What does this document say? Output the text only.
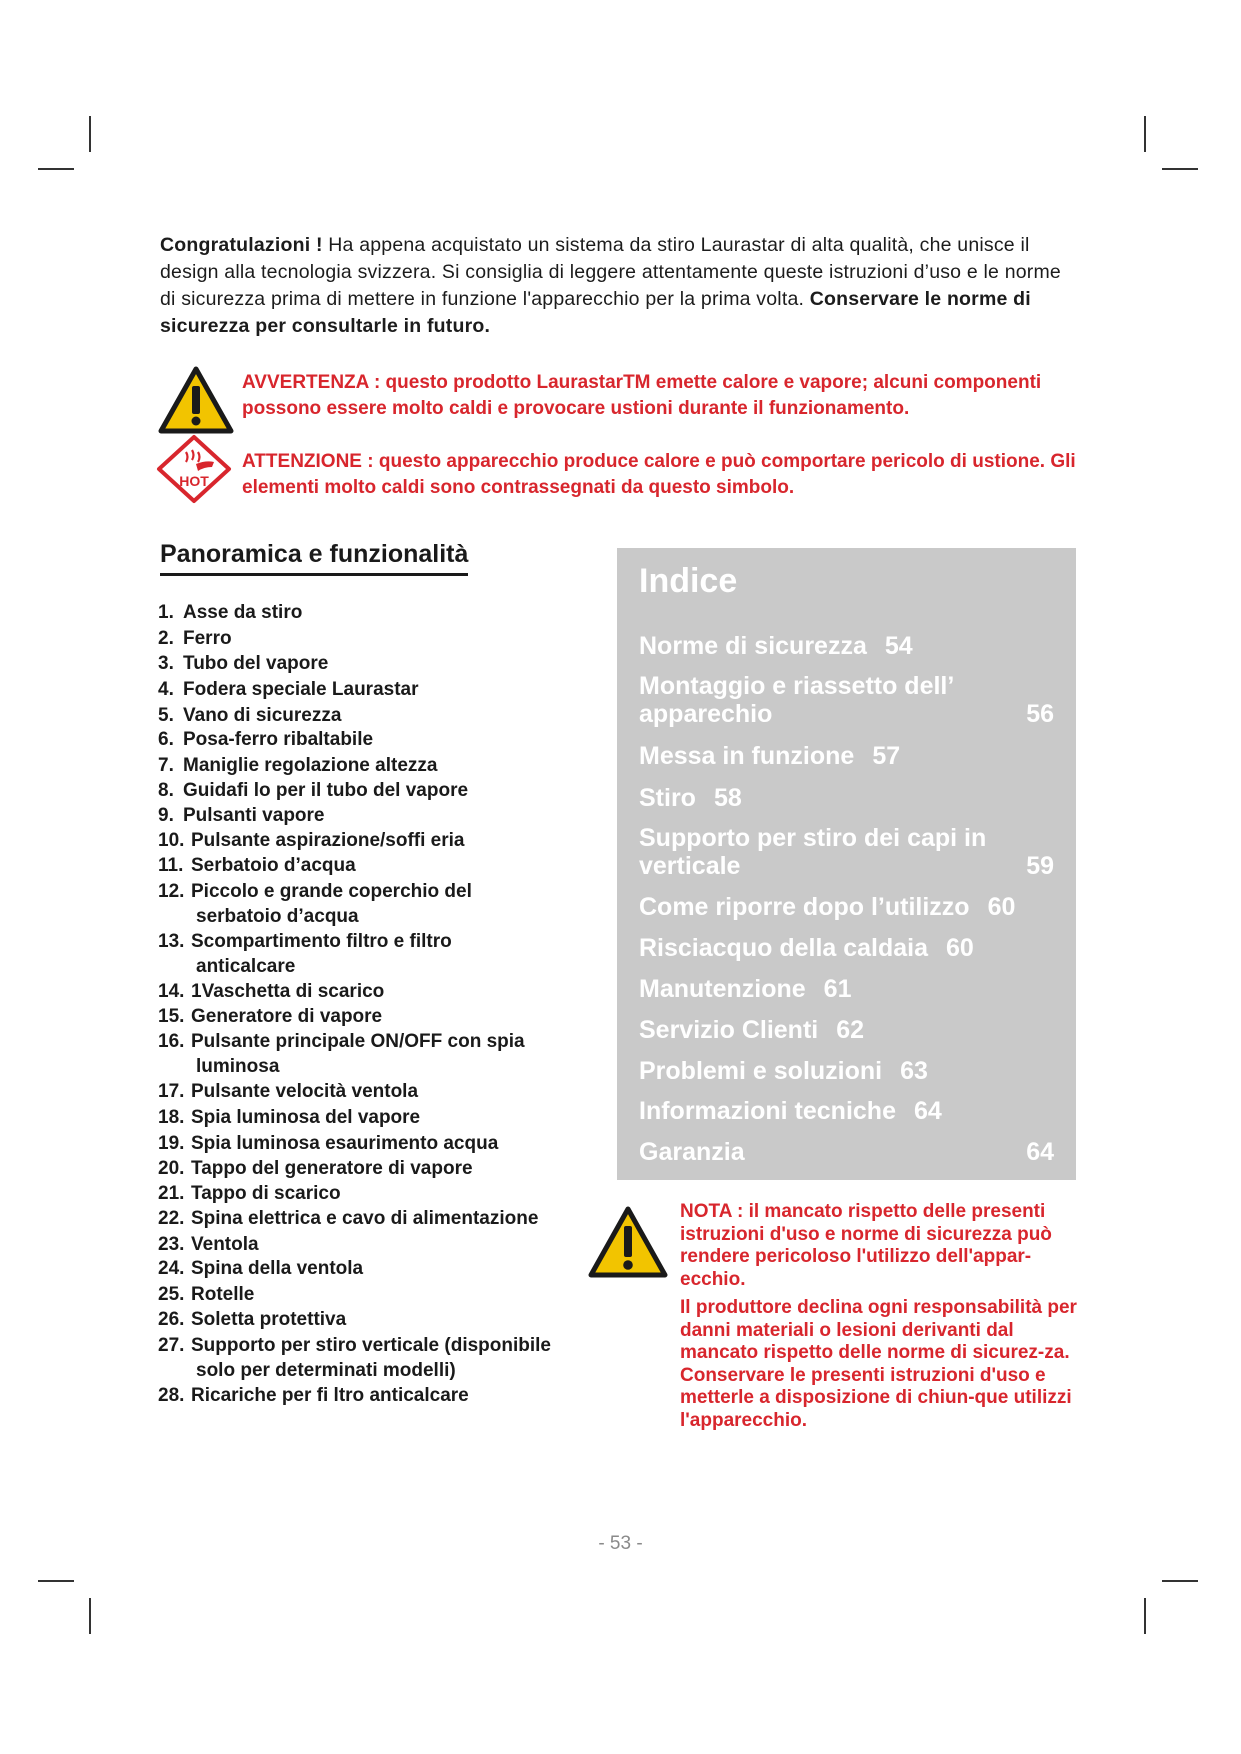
Congratulazioni ! Ha appena acquistato un sistema da stiro Laurastar di alta qualità, che unisce il design alla tecnologia svizzera. Si consiglia di leggere attentamente queste istruzioni d’uso e le norme di sicurezza prima di mettere in funzione l'apparecchio per la prima volta. Conservare le norme di sicurezza per consultarle in futuro.
AVVERTENZA : questo prodotto LaurastarTM emette calore e vapore; alcuni componenti possono essere molto caldi e provocare ustioni durante il funzionamento.
HOT
ATTENZIONE : questo apparecchio produce calore e può comportare pericolo di ustione. Gli elementi molto caldi sono contrassegnati da questo simbolo.
Panoramica e funzionalità
1. Asse da stiro
2. Ferro
3. Tubo del vapore
4. Fodera speciale Laurastar
5. Vano di sicurezza
6. Posa-ferro ribaltabile
7. Maniglie regolazione altezza
8. Guidafi lo per il tubo del vapore
9. Pulsanti vapore
10. Pulsante aspirazione/soffi eria
11. Serbatoio d’acqua
12. Piccolo e grande coperchio del
serbatoio d’acqua
13. Scompartimento filtro e filtro
anticalcare
14. 1Vaschetta di scarico
15. Generatore di vapore
16. Pulsante principale ON/OFF con spia
luminosa
17. Pulsante velocità ventola
18. Spia luminosa del vapore
19. Spia luminosa esaurimento acqua
20. Tappo del generatore di vapore
21. Tappo di scarico
22. Spina elettrica e cavo di alimentazione
23. Ventola
24. Spina della ventola
25. Rotelle
26. Soletta protettiva
27. Supporto per stiro verticale (disponibile
solo per determinati modelli)
28. Ricariche per fi ltro anticalcare
Indice
Norme di sicurezza 54
Montaggio e riassetto dell’
apparechio	56
Messa in funzione 57
Stiro 58
Supporto per stiro dei capi in
verticale	59
Come riporre dopo l’utilizzo 60
Risciacquo della caldaia 60
Manutenzione 61
Servizio Clienti 62
Problemi e soluzioni 63
Informazioni tecniche 64
Garanzia	64
NOTA : il mancato rispetto delle presenti istruzioni d'uso e norme di sicurezza può rendere pericoloso l'utilizzo dell'appar-ecchio.
Il produttore declina ogni responsabilità per danni materiali o lesioni derivanti dal mancato rispetto delle norme di sicurez-za. Conservare le presenti istruzioni d'uso e metterle a disposizione di chiun-que utilizzi l'apparecchio.
- 53 -
